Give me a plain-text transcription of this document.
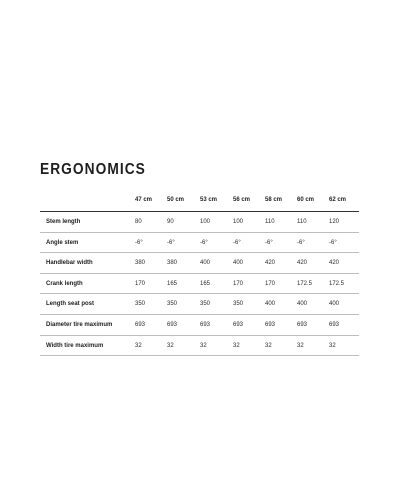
ERGONOMICS
47 cm 50 cm	53 cm	56 cm 58 cm 60 cm 62 cm
Stem length	80	90	100	100	110	110	120
Angle stem	-6°	-6°	-6°	-6°	-6°	-6°	-6°
Handlebar width	380	380	400	400	420	420	420
Crank length	170	165	165	170	170	172.5	172.5
Length seat post	350	350	350	350	400	400	400
Diameter tire maximum	693	693	693	693	693	693	693
Width tire maximum	32	32	32	32	32	32	32
